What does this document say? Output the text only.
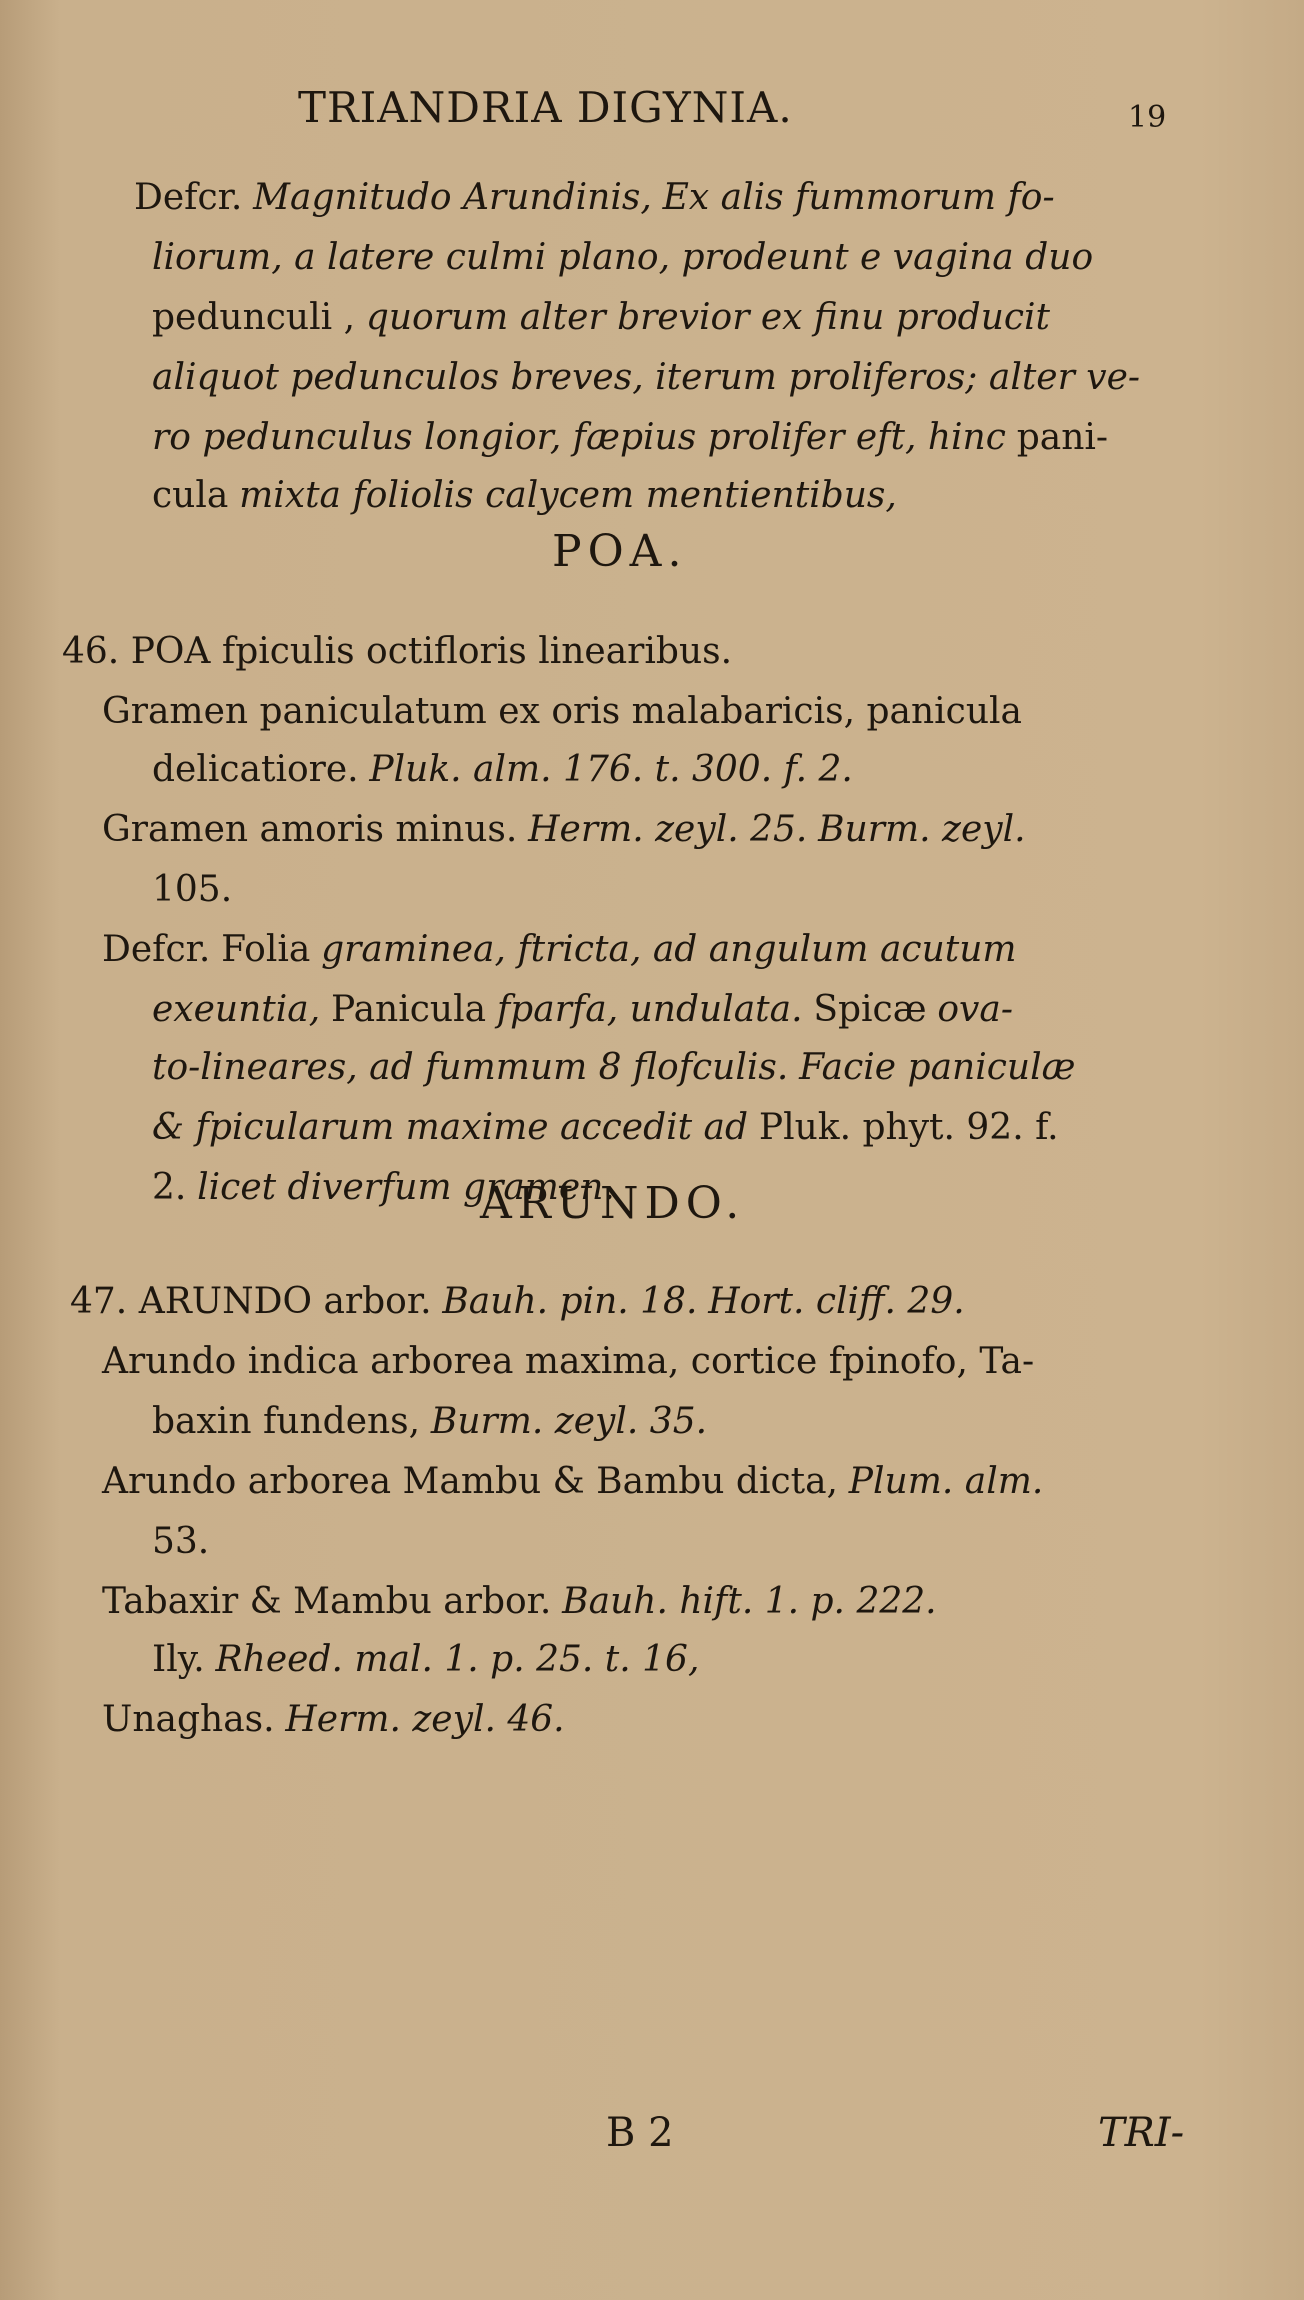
TRIANDRIA DIGYNIA.	19
Defcr. Magnitudo Arundinis, Ex alis fummorum fo-
liorum, a latere culmi plano, prodeunt e vagina duo
pedunculi , quorum alter brevior ex finu producit
aliquot pedunculos breves, iterum proliferos; alter ve-
ro pedunculus longior, fæpius prolifer eft, hinc pani-
cula mixta foliolis calycem mentientibus,
POA.
46. POA fpiculis octifloris linearibus.
Gramen paniculatum ex oris malabaricis, panicula
delicatiore. Pluk. alm. 176. t. 300. f. 2.
Gramen amoris minus. Herm. zeyl. 25. Burm. zeyl.
105.
Defcr. Folia graminea, ftricta, ad angulum acutum
exeuntia, Panicula fparfa, undulata. Spicæ ova-
to-lineares, ad fummum 8 flofculis. Facie paniculæ
& fpicularum maxime accedit ad Pluk. phyt. 92. f.
2. licet diverfum gramen.
ARUNDO.
47. ARUNDO arbor. Bauh. pin. 18. Hort. cliff. 29.
Arundo indica arborea maxima, cortice fpinofo, Ta-
baxin fundens, Burm. zeyl. 35.
Arundo arborea Mambu & Bambu dicta, Plum. alm.
53.
Tabaxir & Mambu arbor. Bauh. hift. 1. p. 222.
Ily. Rheed. mal. 1. p. 25. t. 16,
Unaghas. Herm. zeyl. 46.
B 2	TRI-
